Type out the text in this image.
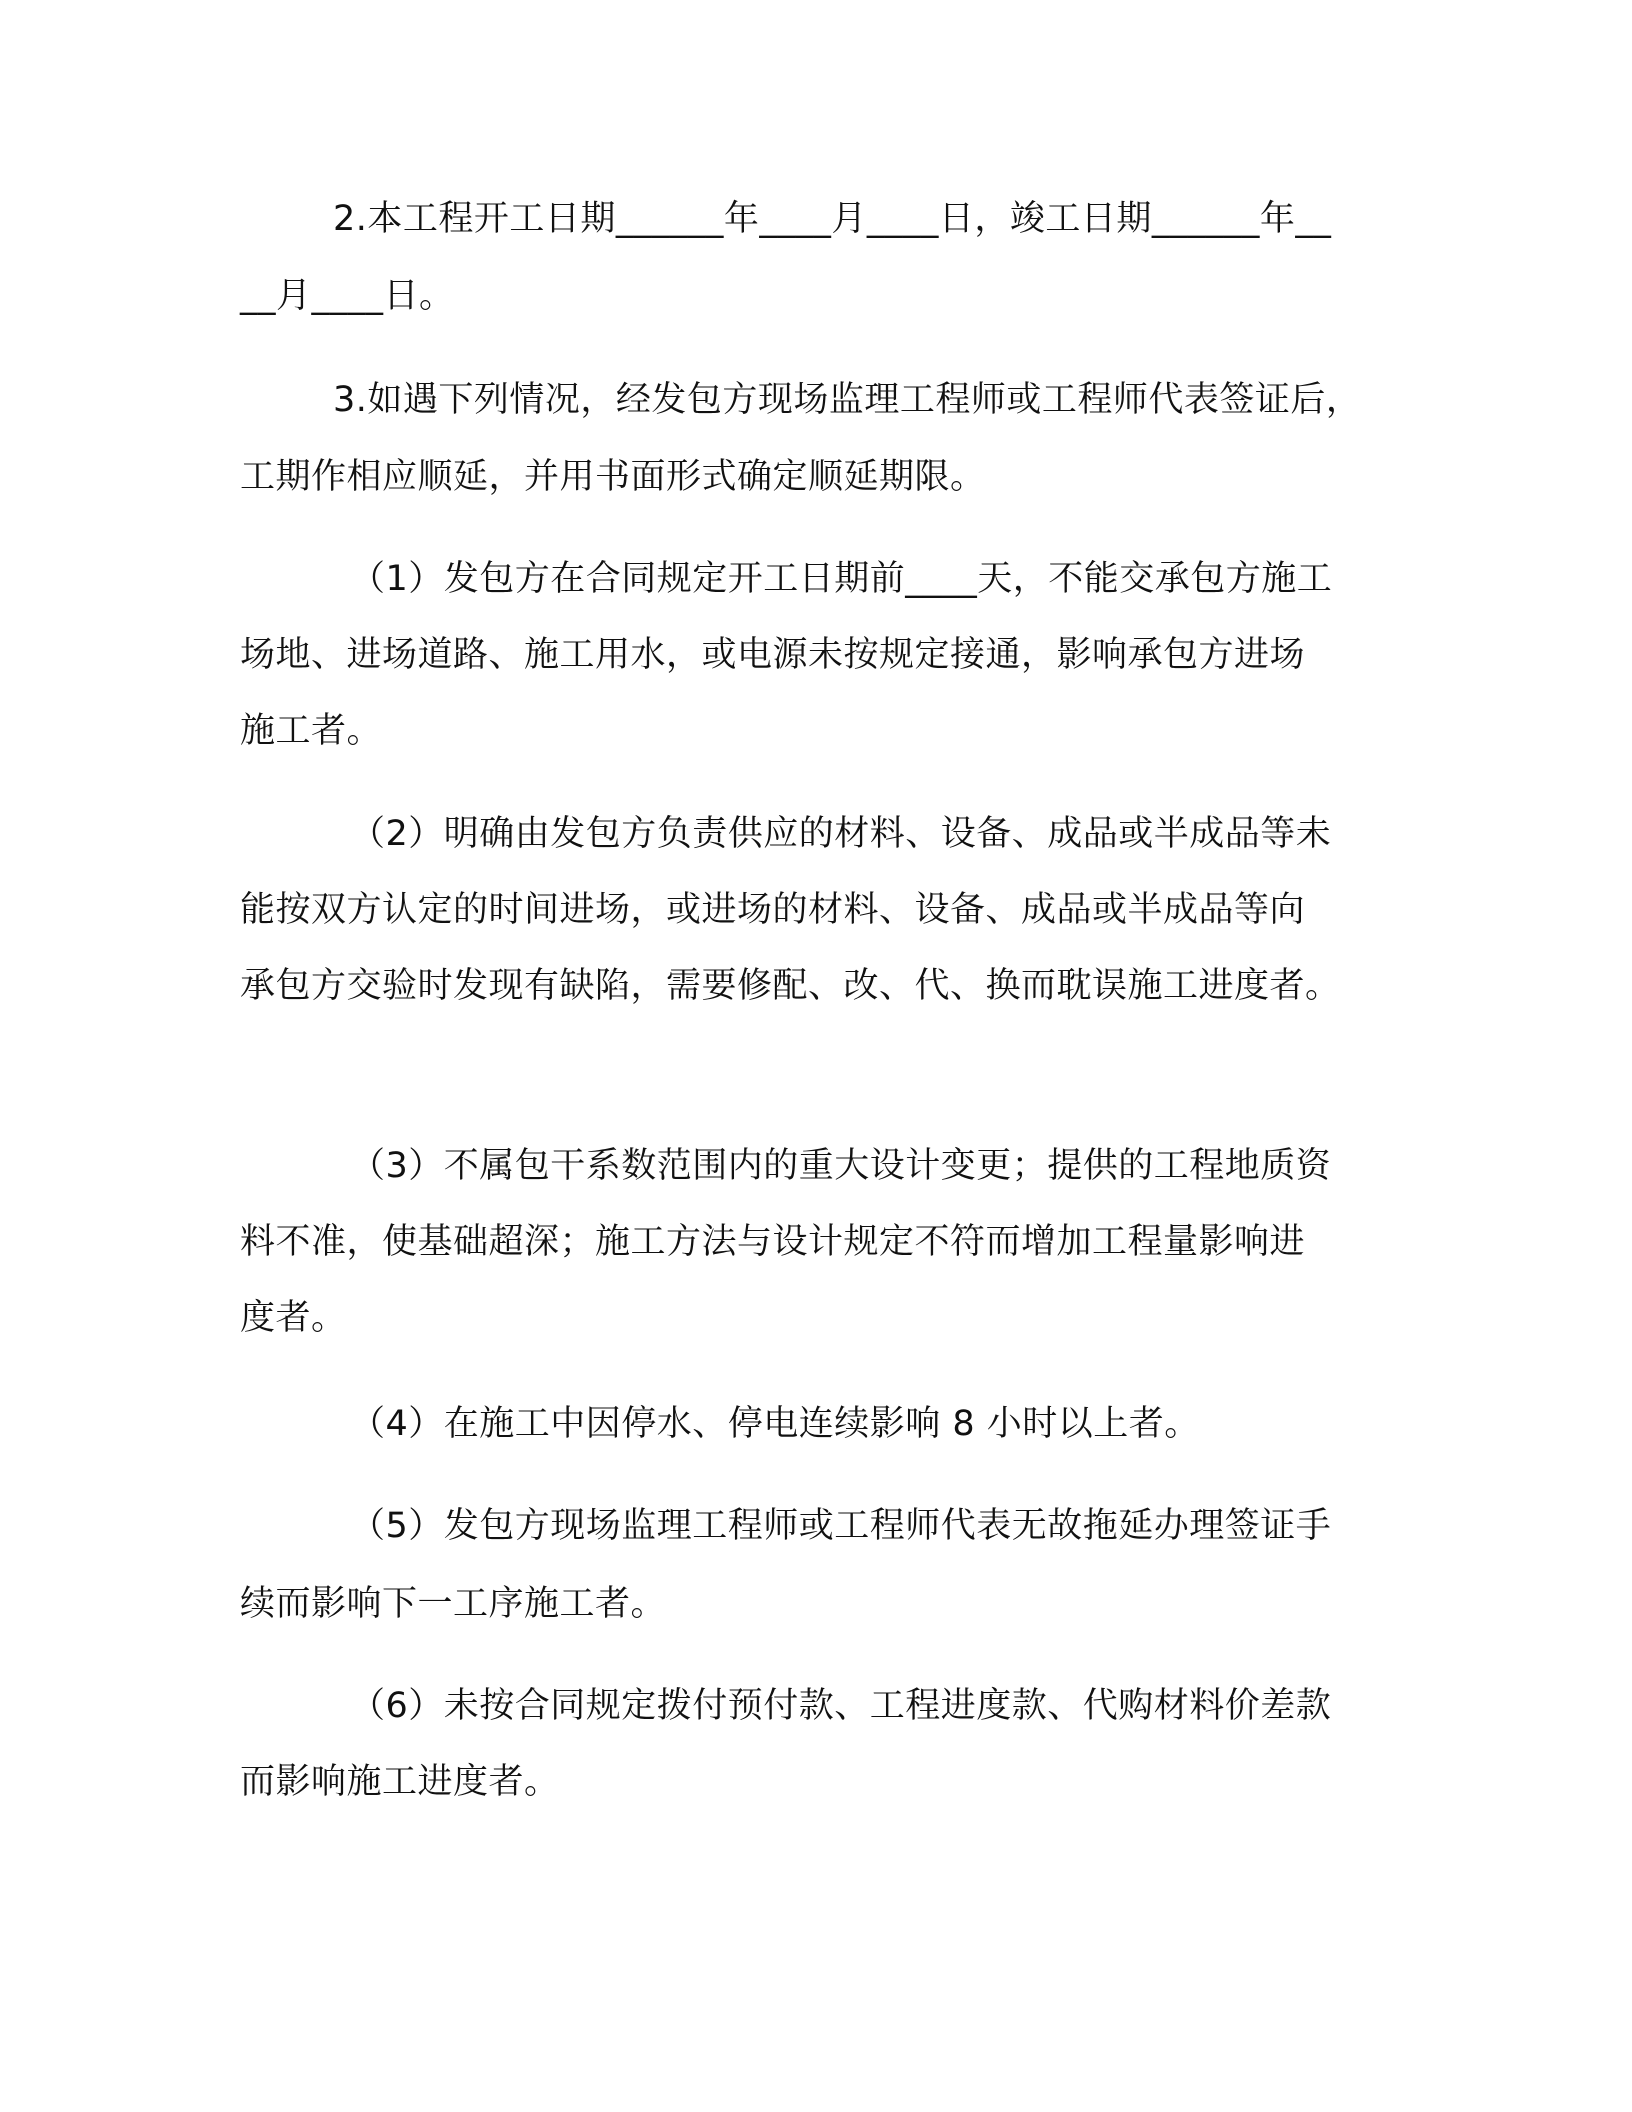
2.本工程开工日期______年____月____日，竣工日期______年__
__月____日。
3.如遇下列情况，经发包方现场监理工程师或工程师代表签证后，
工期作相应顺延，并用书面形式确定顺延期限。
（1）发包方在合同规定开工日期前____天，不能交承包方施工
场地、进场道路、施工用水，或电源未按规定接通，影响承包方进场
施工者。
（2）明确由发包方负责供应的材料、设备、成品或半成品等未
能按双方认定的时间进场，或进场的材料、设备、成品或半成品等向
承包方交验时发现有缺陷，需要修配、改、代、换而耽误施工进度者。
（3）不属包干系数范围内的重大设计变更；提供的工程地质资
料不准，使基础超深；施工方法与设计规定不符而增加工程量影响进
度者。
（4）在施工中因停水、停电连续影响 8 小时以上者。
（5）发包方现场监理工程师或工程师代表无故拖延办理签证手
续而影响下一工序施工者。
（6）未按合同规定拨付预付款、工程进度款、代购材料价差款
而影响施工进度者。
